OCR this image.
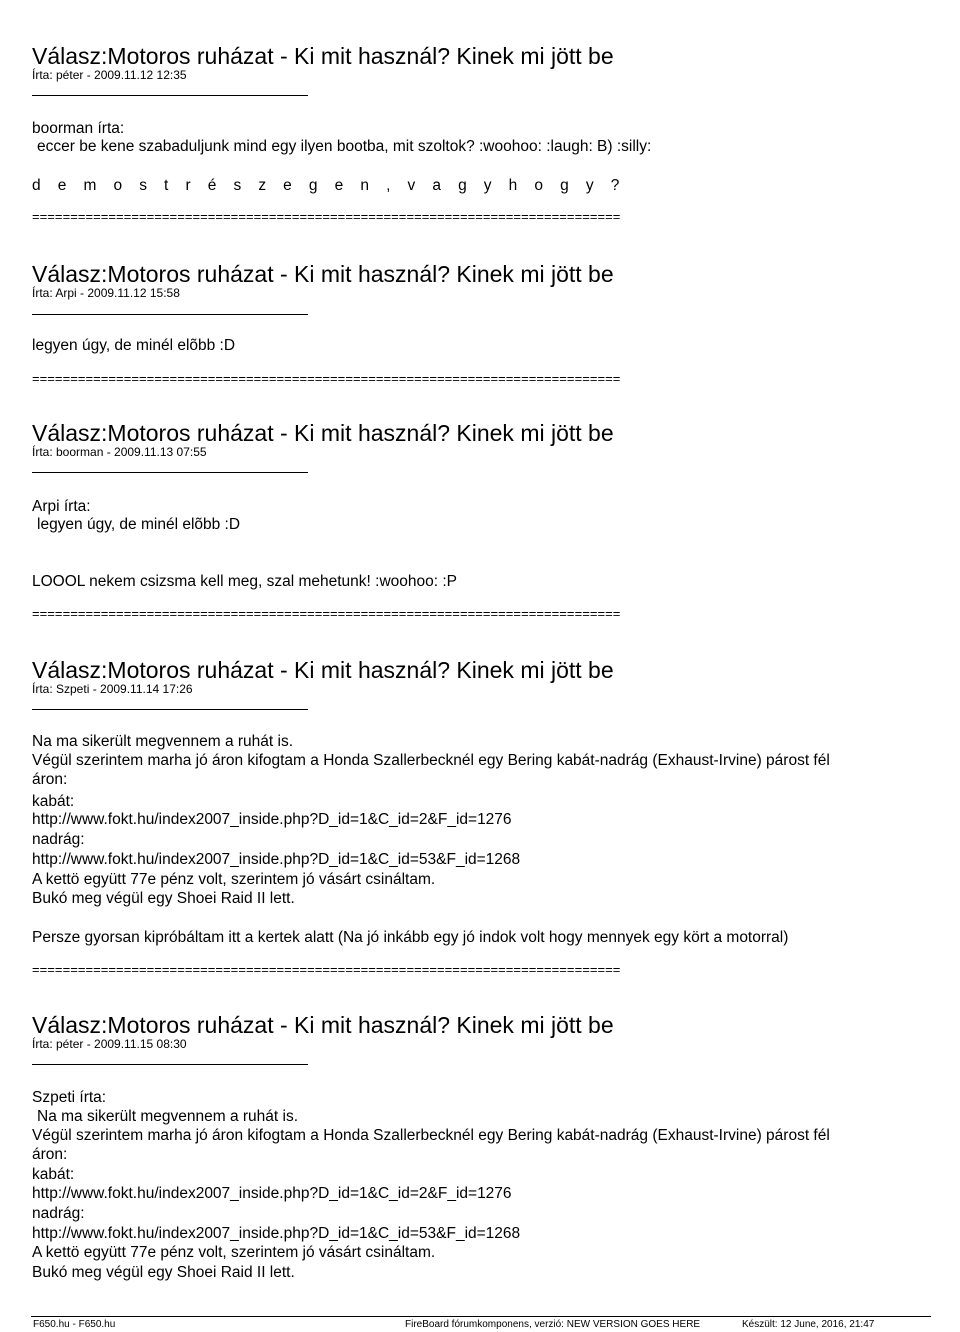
Válasz:Motoros ruházat - Ki mit használ? Kinek mi jött be
Írta: péter - 2009.11.12 12:35
boorman írta:
eccer be kene szabaduljunk mind egy ilyen bootba, mit szoltok? :woohoo: :laugh: B) :silly:
d e m o s t r é s z e g e n , v a g y h o g y ?
=============================================================================
Válasz:Motoros ruházat - Ki mit használ? Kinek mi jött be
Írta: Arpi - 2009.11.12 15:58
legyen úgy, de minél elõbb :D
=============================================================================
Válasz:Motoros ruházat - Ki mit használ? Kinek mi jött be
Írta: boorman - 2009.11.13 07:55
Arpi írta:
legyen úgy, de minél elõbb :D
LOOOL nekem csizsma kell meg, szal mehetunk! :woohoo: :P
=============================================================================
Válasz:Motoros ruházat - Ki mit használ? Kinek mi jött be
Írta: Szpeti - 2009.11.14 17:26
Na ma sikerült megvennem a ruhát is.
Végül szerintem marha jó áron kifogtam a Honda Szallerbecknél egy Bering kabát-nadrág (Exhaust-Irvine) párost fél
áron:
kabát:
http://www.fokt.hu/index2007_inside.php?D_id=1&C_id=2&F_id=1276
nadrág:
http://www.fokt.hu/index2007_inside.php?D_id=1&C_id=53&F_id=1268
A kettö együtt 77e pénz volt, szerintem jó vásárt csináltam.
Bukó meg végül egy Shoei Raid II lett.
Persze gyorsan kipróbáltam itt a kertek alatt (Na jó inkább egy jó indok volt hogy mennyek egy kört a motorral)
=============================================================================
Válasz:Motoros ruházat - Ki mit használ? Kinek mi jött be
Írta: péter - 2009.11.15 08:30
Szpeti írta:
Na ma sikerült megvennem a ruhát is.
Végül szerintem marha jó áron kifogtam a Honda Szallerbecknél egy Bering kabát-nadrág (Exhaust-Irvine) párost fél
áron:
kabát:
http://www.fokt.hu/index2007_inside.php?D_id=1&C_id=2&F_id=1276
nadrág:
http://www.fokt.hu/index2007_inside.php?D_id=1&C_id=53&F_id=1268
A kettö együtt 77e pénz volt, szerintem jó vásárt csináltam.
Bukó meg végül egy Shoei Raid II lett.
F650.hu - F650.hu	FireBoard fórumkomponens, verzió: NEW VERSION GOES HERE	Készült: 12 June, 2016, 21:47
